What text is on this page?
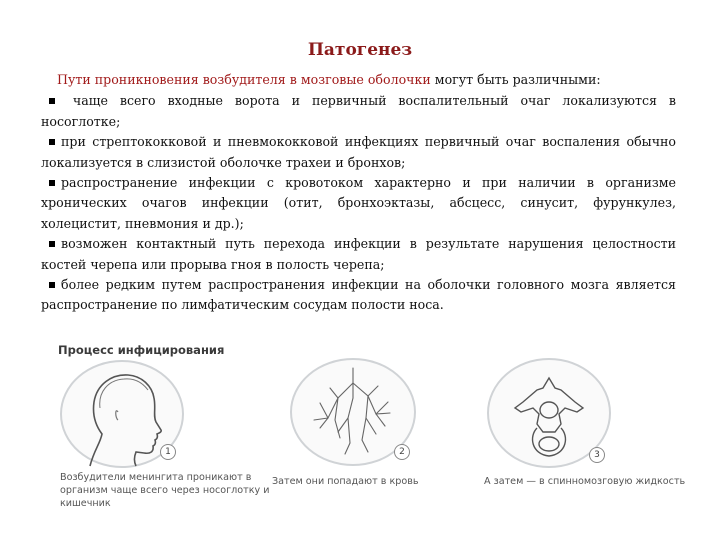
Патогенез

Пути проникновения возбудителя в мозговые оболочки могут быть различными:

чаще всего входные ворота и первичный воспалительный очаг локализуются в носоглотке;

при стрептококковой и пневмококковой инфекциях первичный очаг воспаления обычно локализуется в слизистой оболочке трахеи и бронхов;

распространение инфекции с кровотоком характерно и при наличии в организме хронических очагов инфекции (отит, бронхоэктазы, абсцесс, синусит, фурункулез, холецистит, пневмония и др.);

возможен контактный путь перехода инфекции в результате нарушения целостности костей черепа или прорыва гноя в полость черепа;

более редким путем распространения инфекции на оболочки головного мозга является распространение по лимфатическим сосудам полости носа.

Процесс инфицирования
1	2	3
Возбудители менингита проникают в организм чаще всего через носоглотку и кишечник
Затем они попадают в кровь	А затем — в спинномозговую жидкость
